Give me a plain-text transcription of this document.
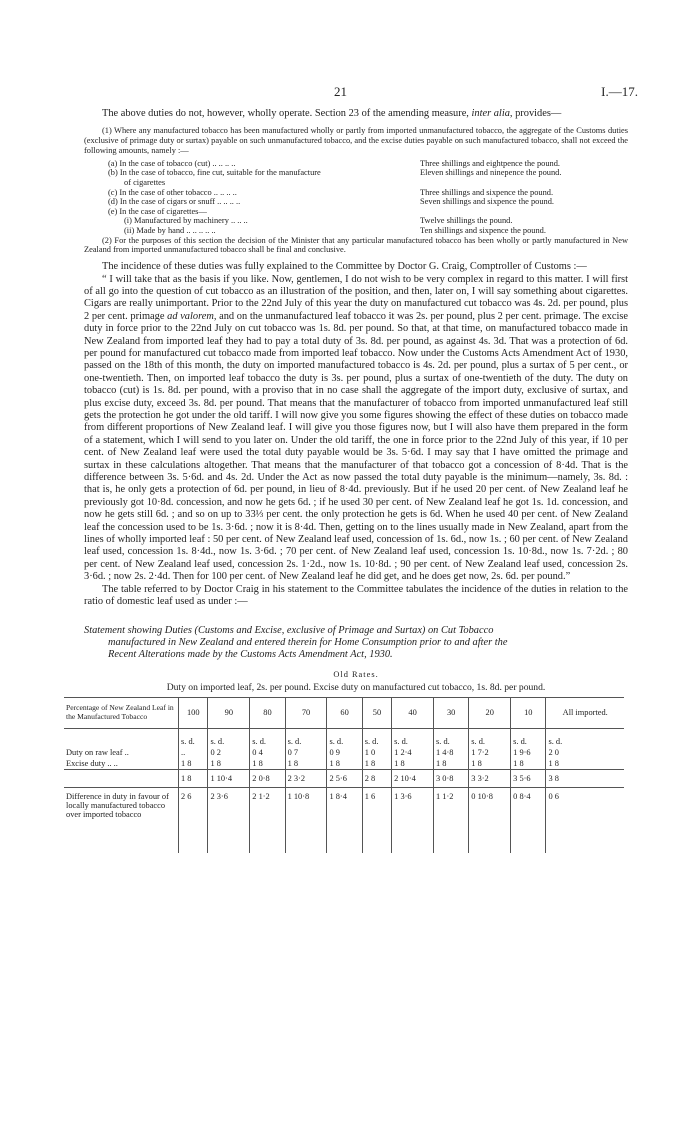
21	I.—17.

The above duties do not, however, wholly operate. Section 23 of the amending measure, inter alia, provides—

(1) Where any manufactured tobacco has been manufactured wholly or partly from imported unmanufactured tobacco, the aggregate of the Customs duties (exclusive of primage duty or surtax) payable on such unmanufactured tobacco, and the excise duties payable on such manufactured tobacco, shall not exceed the following amounts, namely :—

(a) In the case of tobacco (cut) .. .. .. ..	Three shillings and eightpence the pound.
(b) In the case of tobacco, fine cut, suitable for the manufacture	Eleven shillings and ninepence the pound.
of cigarettes
(c) In the case of other tobacco .. .. .. ..	Three shillings and sixpence the pound.
(d) In the case of cigars or snuff .. .. .. ..	Seven shillings and sixpence the pound.
(e) In the case of cigarettes—
(i) Manufactured by machinery .. .. ..	Twelve shillings the pound.
(ii) Made by hand .. .. .. .. ..	Ten shillings and sixpence the pound.

(2) For the purposes of this section the decision of the Minister that any particular manufactured tobacco has been wholly or partly manufactured in New Zealand from imported unmanufactured tobacco shall be final and conclusive.

The incidence of these duties was fully explained to the Committee by Doctor G. Craig, Comptroller of Customs :—

“ I will take that as the basis if you like. Now, gentlemen, I do not wish to be very complex in regard to this matter. I will first of all go into the question of cut tobacco as an illustration of the position, and then, later on, I will say something about cigarettes. Cigars are really unimportant. Prior to the 22nd July of this year the duty on manufactured cut tobacco was 4s. 2d. per pound, plus 2 per cent. primage ad valorem, and on the unmanufactured leaf tobacco it was 2s. per pound, plus 2 per cent. primage. The excise duty in force prior to the 22nd July on cut tobacco was 1s. 8d. per pound. So that, at that time, on manufactured tobacco made in New Zealand from imported leaf they had to pay a total duty of 3s. 8d. per pound, as against 4s. 3d. That was a protection of 6d. per pound for manufactured cut tobacco made from imported leaf tobacco. Now under the Customs Acts Amendment Act of 1930, passed on the 18th of this month, the duty on imported manufactured tobacco is 4s. 2d. per pound, plus a surtax of 5 per cent., or one-twentieth. Then, on imported leaf tobacco the duty is 3s. per pound, plus a surtax of one-twentieth of the duty. The duty on tobacco (cut) is 1s. 8d. per pound, with a proviso that in no case shall the aggregate of the import duty, exclusive of surtax, and plus excise duty, exceed 3s. 8d. per pound. That means that the manufacturer of tobacco from imported unmanufactured leaf still gets the protection he got under the old tariff. I will now give you some figures showing the effect of these duties on tobacco made from different proportions of New Zealand leaf. I will give you those figures now, but I will also have them prepared in the form of a statement, which I will send to you later on. Under the old tariff, the one in force prior to the 22nd July of this year, if 10 per cent. of New Zealand leaf were used the total duty payable would be 3s. 5·6d. I may say that I have omitted the primage and surtax in these calculations altogether. That means that the manufacturer of that tobacco got a concession of 8·4d. That is the difference between 3s. 5·6d. and 4s. 2d. Under the Act as now passed the total duty payable is the minimum—namely, 3s. 8d. : that is, he only gets a protection of 6d. per pound, in lieu of 8·4d. previously. But if he used 20 per cent. of New Zealand leaf he previously got 10·8d. concession, and now he gets 6d. ; if he used 30 per cent. of New Zealand leaf he got 1s. 1d. concession, and now he gets still 6d. ; and so on up to 33⅓ per cent. the only protection he gets is 6d. When he used 40 per cent. of New Zealand leaf the concession used to be 1s. 3·6d. ; now it is 8·4d. Then, getting on to the lines usually made in New Zealand, apart from the lines of wholly imported leaf : 50 per cent. of New Zealand leaf used, concession of 1s. 6d., now 1s. ; 60 per cent. of New Zealand leaf used, concession 1s. 8·4d., now 1s. 3·6d. ; 70 per cent. of New Zealand leaf used, concession 1s. 10·8d., now 1s. 7·2d. ; 80 per cent. of New Zealand leaf used, concession 2s. 1·2d., now 1s. 10·8d. ; 90 per cent. of New Zealand leaf used, concession 2s. 3·6d. ; now 2s. 2·4d. Then for 100 per cent. of New Zealand leaf he did get, and he does get now, 2s. 6d. per pound.”

The table referred to by Doctor Craig in his statement to the Committee tabulates the incidence of the duties in relation to the ratio of domestic leaf used as under :—

Statement showing Duties (Customs and Excise, exclusive of Primage and Surtax) on Cut Tobacco
manufactured in New Zealand and entered therein for Home Consumption prior to and after the
Recent Alterations made by the Customs Acts Amendment Act, 1930.
Old Rates.
Duty on imported leaf, 2s. per pound. Excise duty on manufactured cut tobacco, 1s. 8d. per pound.
Percentage of New Zealand Leaf in the Manufactured Tobacco	100	90	80	70	60	50	40	30	20	10	All imported.
	s. d.	s. d.	s. d.	s. d.	s. d.	s. d.	s. d.	s. d.	s. d.	s. d.	s. d.
Duty on raw leaf ..	..	0 2	0 4	0 7	0 9	1 0	1 2·4	1 4·8	1 7·2	1 9·6	2 0
Excise duty .. ..	1 8	1 8	1 8	1 8	1 8	1 8	1 8	1 8	1 8	1 8	1 8
	1 8	1 10·4	2 0·8	2 3·2	2 5·6	2 8	2 10·4	3 0·8	3 3·2	3 5·6	3 8
Difference in duty in favour of locally manufactured tobacco over imported tobacco	2 6	2 3·6	2 1·2	1 10·8	1 8·4	1 6	1 3·6	1 1·2	0 10·8	0 8·4	0 6
